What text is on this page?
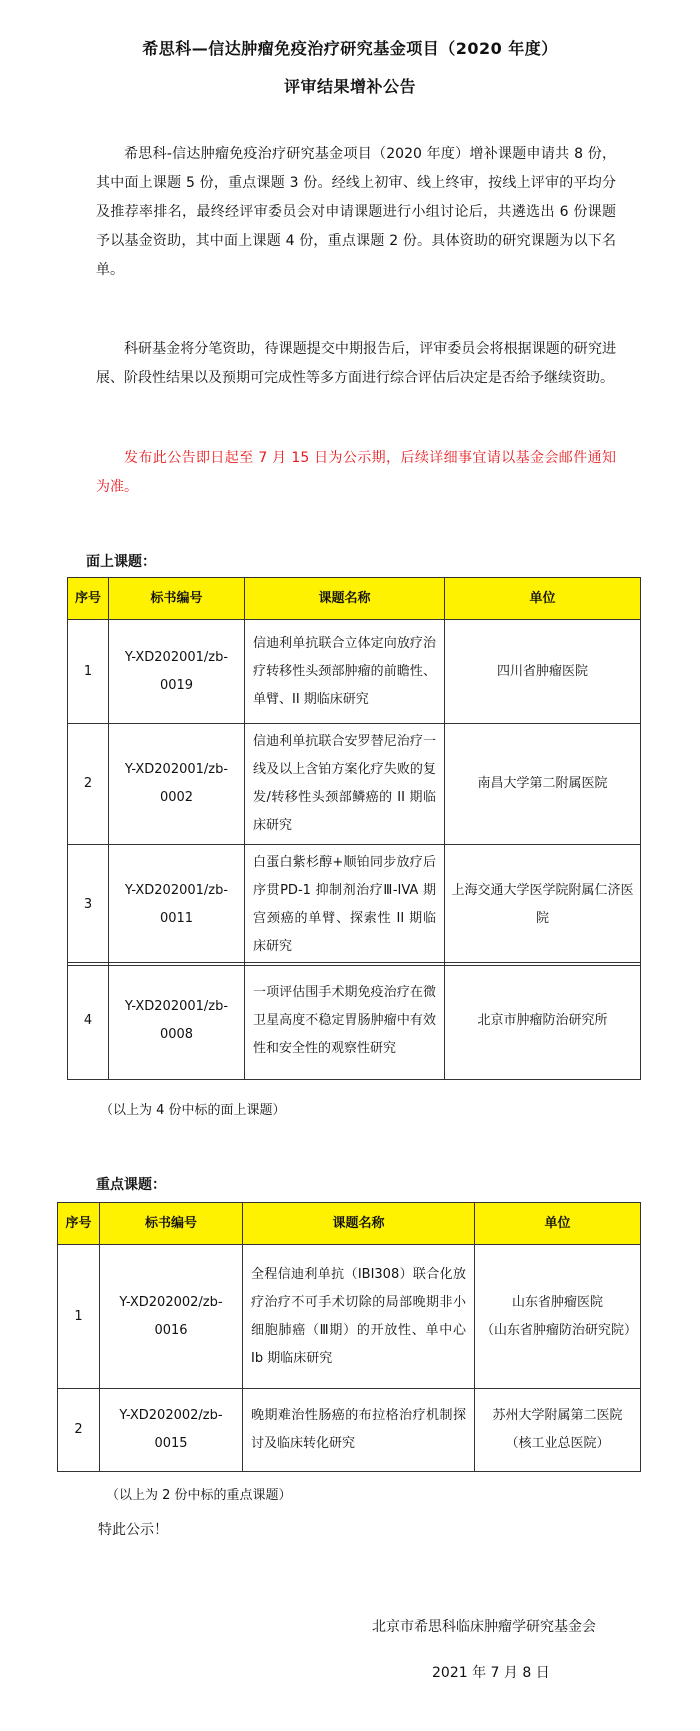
希思科—信达肿瘤免疫治疗研究基金项目（2020 年度）
评审结果增补公告

希思科-信达肿瘤免疫治疗研究基金项目（2020 年度）增补课题申请共 8 份，其中面上课题 5 份，重点课题 3 份。经线上初审、线上终审，按线上评审的平均分及推荐率排名，最终经评审委员会对申请课题进行小组讨论后，共遴选出 6 份课题予以基金资助，其中面上课题 4 份，重点课题 2 份。具体资助的研究课题为以下名单。

科研基金将分笔资助，待课题提交中期报告后，评审委员会将根据课题的研究进展、阶段性结果以及预期可完成性等多方面进行综合评估后决定是否给予继续资助。

发布此公告即日起至 7 月 15 日为公示期，后续详细事宜请以基金会邮件通知为准。

面上课题：
序号	标书编号	课题名称	单位
1	Y-XD202001/zb-0019	信迪利单抗联合立体定向放疗治疗转移性头颈部肿瘤的前瞻性、单臂、II 期临床研究	四川省肿瘤医院
2	Y-XD202001/zb-0002	信迪利单抗联合安罗替尼治疗一线及以上含铂方案化疗失败的复发/转移性头颈部鳞癌的 II 期临床研究	南昌大学第二附属医院
3	Y-XD202001/zb-0011	白蛋白紫杉醇+顺铂同步放疗后序贯PD-1 抑制剂治疗Ⅲ-IVA 期宫颈癌的单臂、探索性 II 期临床研究	上海交通大学医学院附属仁济医院
4	Y-XD202001/zb-0008	一项评估围手术期免疫治疗在微卫星高度不稳定胃肠肿瘤中有效性和安全性的观察性研究	北京市肿瘤防治研究所
（以上为 4 份中标的面上课题）
重点课题：
序号	标书编号	课题名称	单位
1	Y-XD202002/zb-0016	全程信迪利单抗（IBI308）联合化放疗治疗不可手术切除的局部晚期非小细胞肺癌（Ⅲ期）的开放性、单中心 Ib 期临床研究	山东省肿瘤医院
（山东省肿瘤防治研究院）

2	Y-XD202002/zb-0015	晚期难治性肠癌的布拉格治疗机制探讨及临床转化研究	苏州大学附属第二医院
（核工业总医院）
（以上为 2 份中标的重点课题）
特此公示！
北京市希思科临床肿瘤学研究基金会
2021 年 7 月 8 日
